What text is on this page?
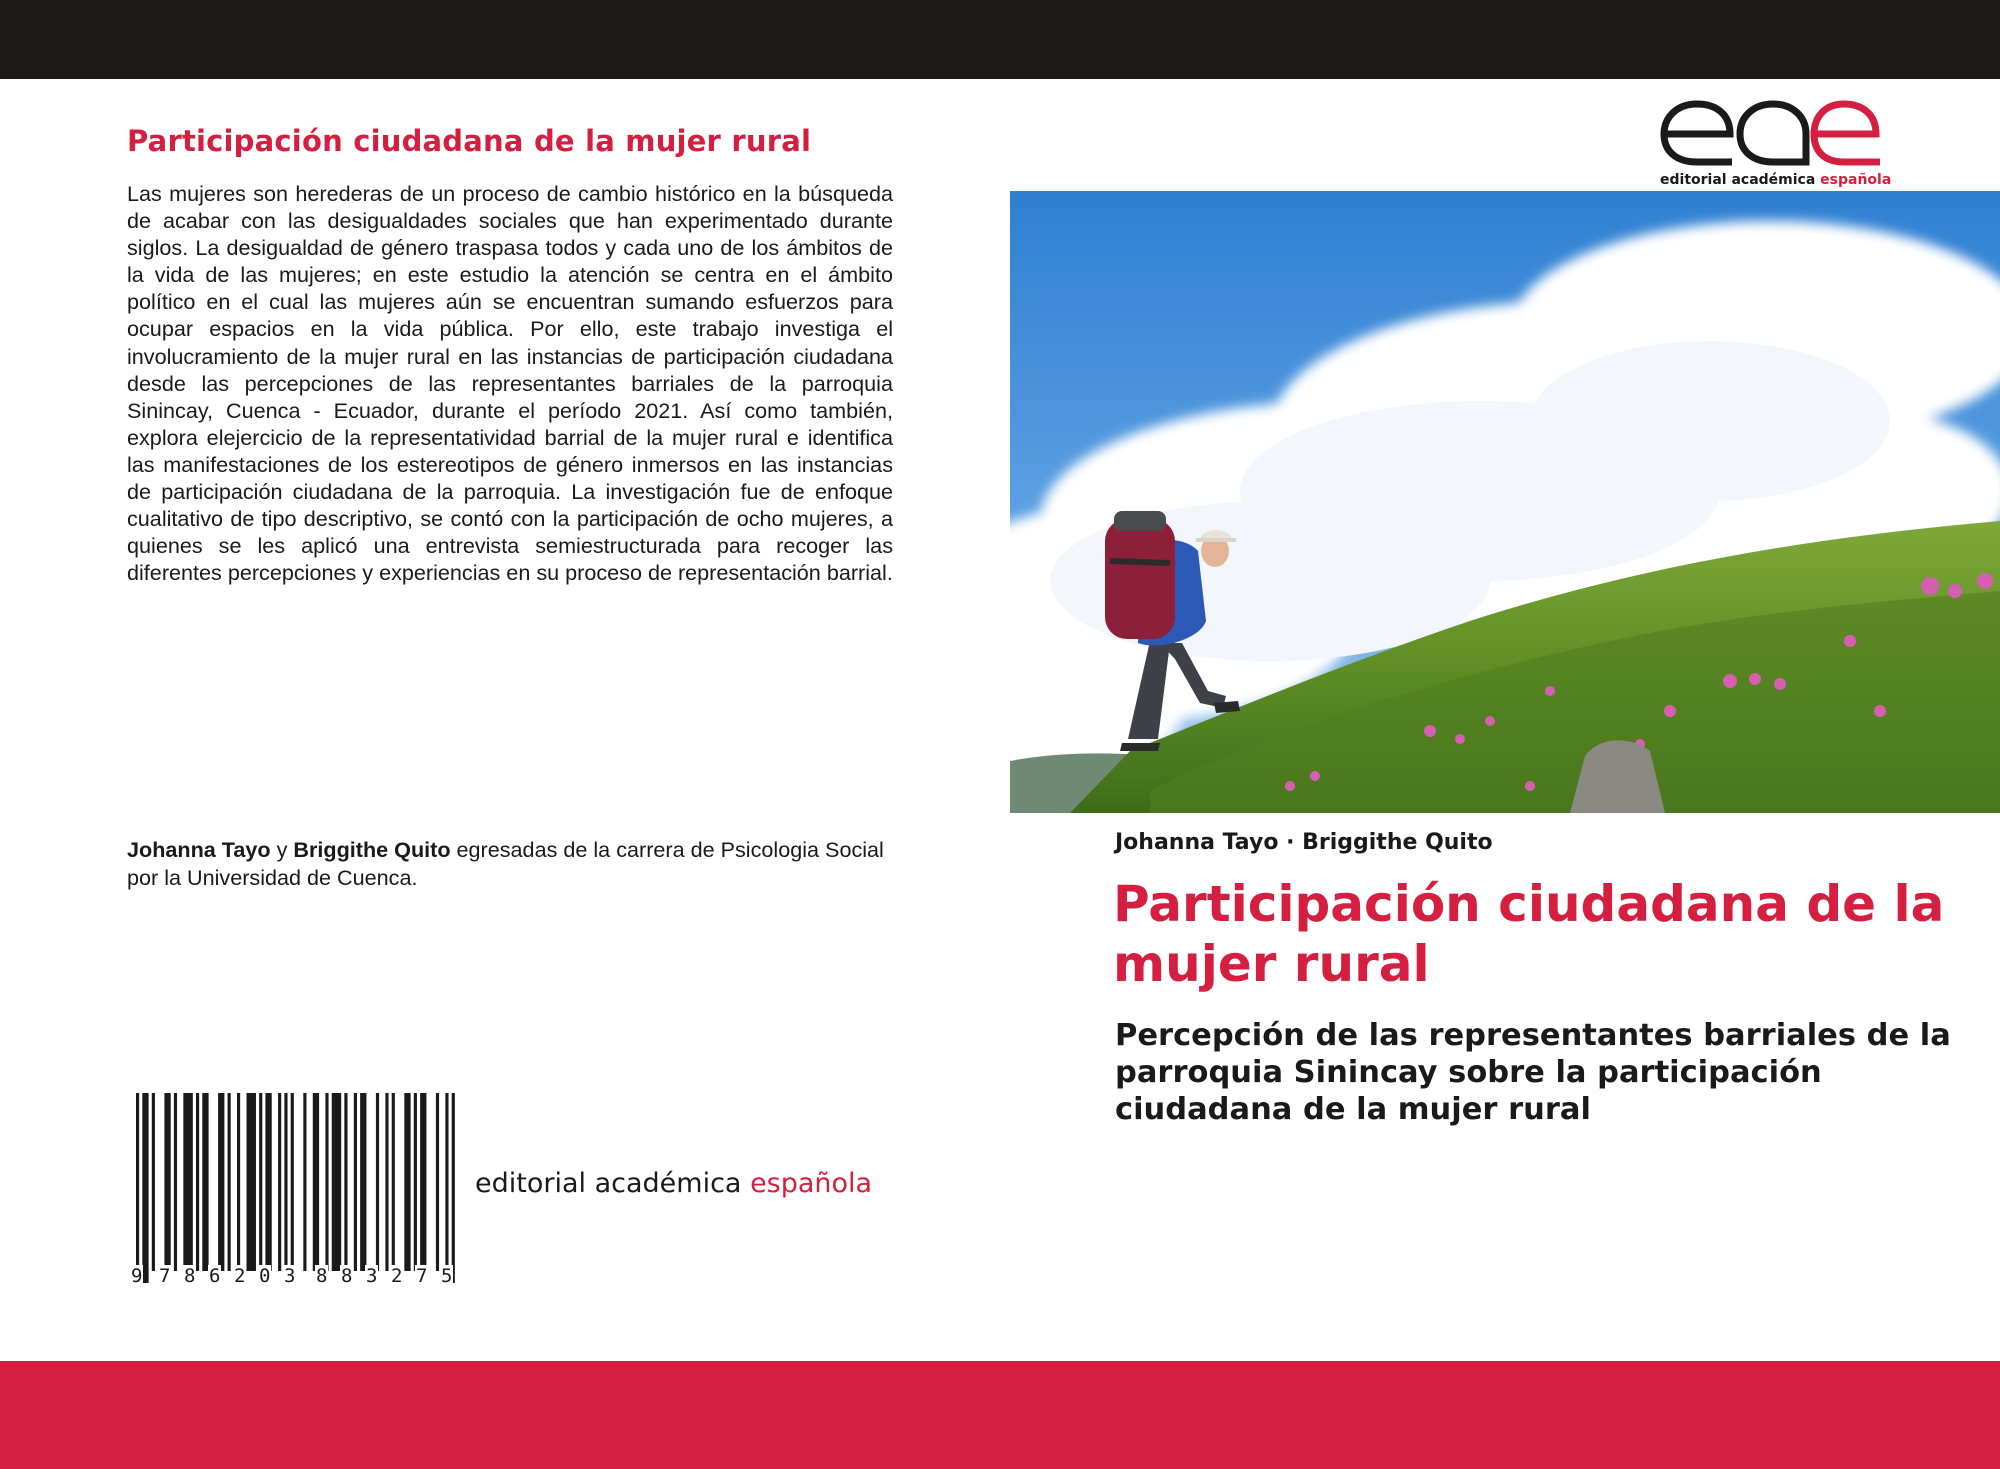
Participación ciudadana de la mujer rural

Las mujeres son herederas de un proceso de cambio histórico en la búsqueda de acabar con las desigualdades sociales que han experimentado durante siglos. La desigualdad de género traspasa todos y cada uno de los ámbitos de la vida de las mujeres; en este estudio la atención se centra en el ámbito político en el cual las mujeres aún se encuentran sumando esfuerzos para ocupar espacios en la vida pública. Por ello, este trabajo investiga el involucramiento de la mujer rural en las instancias de participación ciudadana desde las percepciones de las representantes barriales de la parroquia Sinincay, Cuenca - Ecuador, durante el período 2021. Así como también, explora elejercicio de la representatividad barrial de la mujer rural e identifica las manifestaciones de los estereotipos de género inmersos en las instancias de participación ciudadana de la parroquia. La investigación fue de enfoque cualitativo de tipo descriptivo, se contó con la participación de ocho mujeres, a quienes se les aplicó una entrevista semiestructurada para recoger las diferentes percepciones y experiencias en su proceso de representación barrial.

Johanna Tayo y Briggithe Quito egresadas de la carrera de Psicologia Social por la Universidad de Cuenca.

9 7 8 6 2 0 3 8 8 3 2 7 5

editorial académica española

editorial académica española

Johanna Tayo · Briggithe Quito

Participación ciudadana de la mujer rural
Percepción de las representantes barriales de la parroquia Sinincay sobre la participación ciudadana de la mujer rural
